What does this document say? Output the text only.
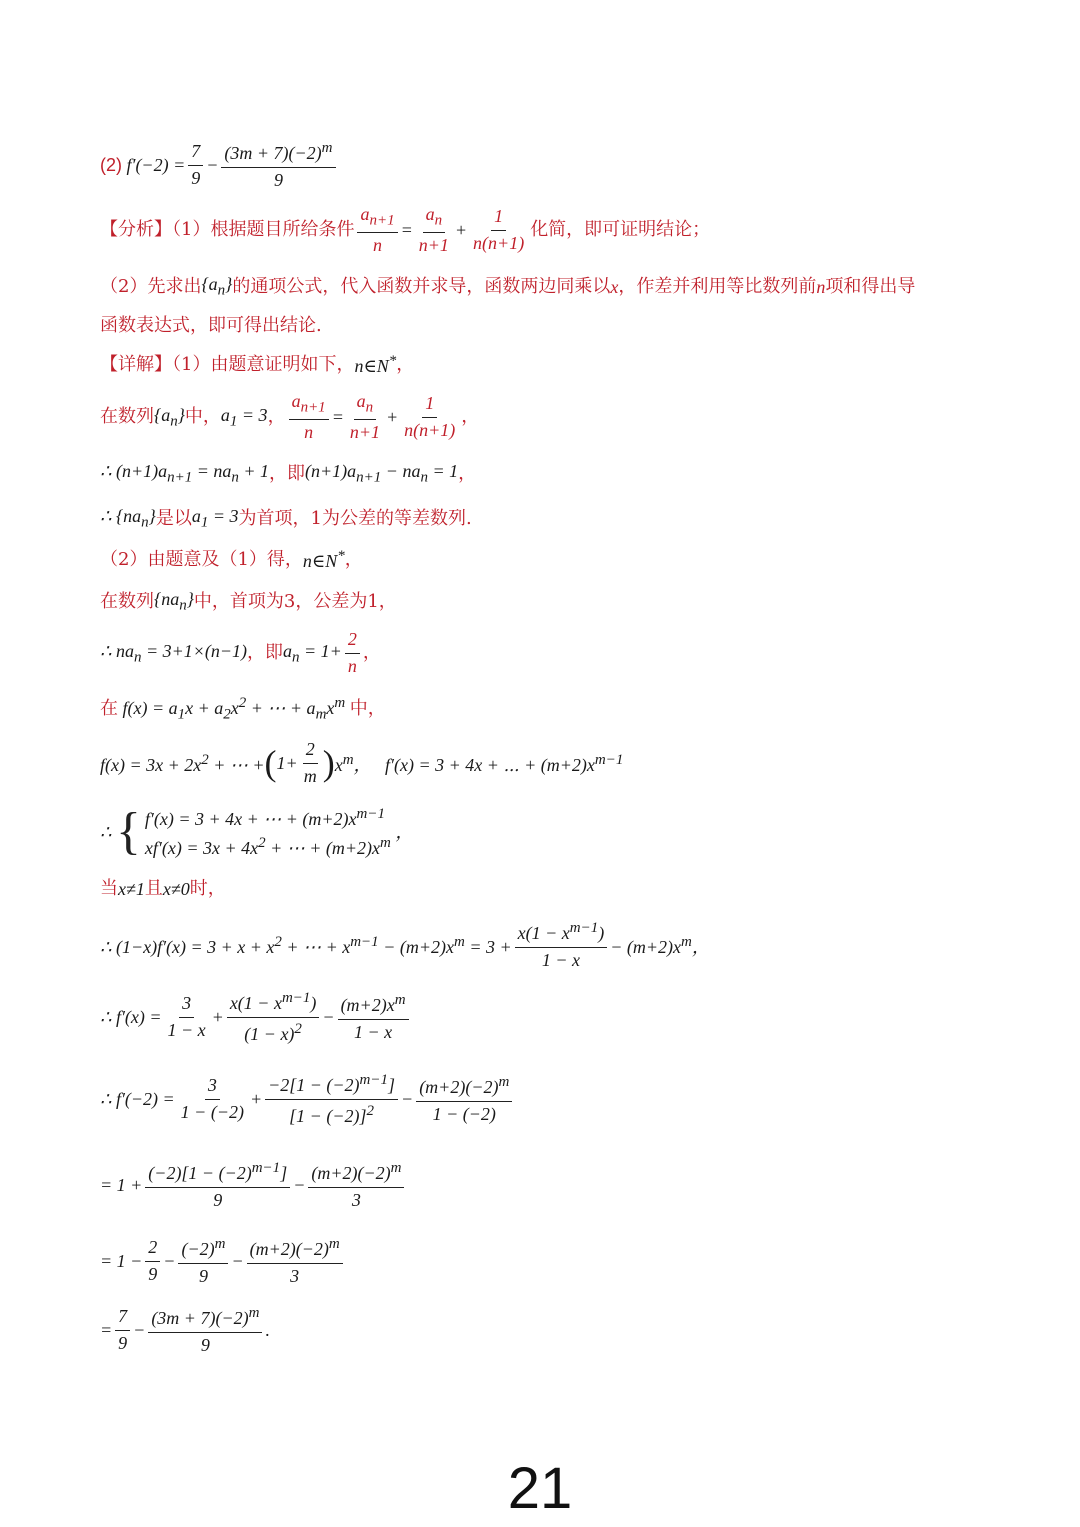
(2) $f'(-2) = \frac{7}{9} - \frac{(3m + 7)(-2)^m}{9}$
【分析】（1）根据题目所给条件 $\frac{a_{n+1}}{n} = \frac{a_n}{n+1} + \frac{1}{n(n+1)}$ 化简，即可证明结论；
（2）先求出 $\{a_n\}$ 的通项公式，代入函数并求导，函数两边同乘以 x ，作差并利用等比数列前 n 项和得出导
函数表达式，即可得出结论.
【详解】（1）由题意证明如下， n∈N* ，
在数列 $\{a_n\}$ 中， $a_1 = 3$ ， $\frac{a_{n+1}}{n} = \frac{a_n}{n+1} + \frac{1}{n(n+1)}$ ，
∴ $(n+1)a_{n+1} = na_n + 1$ ，即 $(n+1)a_{n+1} - na_n = 1$ ，
∴ $\{na_n\}$ 是以 $a_1 = 3$ 为首项，1为公差的等差数列.
（2）由题意及（1）得， n∈N* ，
在数列 $\{na_n\}$ 中，首项为3，公差为1，
∴ $na_n = 3+1\times(n-1)$ ，即 $a_n = 1+ \frac{2}{n}$ ，
在 $f(x) = a_1x + a_2x^2$ + ⋯ + $a_mx^m$ 中，
$f(x) = 3x + 2x^2$ + ⋯ + ( $1+ \frac{2}{m}$ ) $x^m$，   f′(x) = 3 + 4x + ⋯ + $(m+2)x^{m-1}$
∴ { f′(x) = 3 + 4x + ⋯ + $(m+2)x^{m-1}$
$xf'(x) = 3x + 4x^2$ + ⋯ + $(m+2)x^m$
，
当 x≠1 且 x≠0 时，
∴ $(1-x)f'(x) = 3 + x + x^2$ + ⋯ + $x^{m-1} - (m+2)x^m = 3 + \frac{x(1 - x^{m-1})}{1 - x} - (m+2)x^m$，
∴ $f'(x) = \frac{3}{1 - x} + \frac{x(1 - x^{m-1})}{(1 - x)^2} - \frac{(m+2)x^m}{1 - x}$
∴ $f'(-2) = \frac{3}{1 - (-2)} + \frac{-2[1 - (-2)^{m-1}]}{[1 - (-2)]^2} - \frac{(m+2)(-2)^m}{1 - (-2)}$
= $1 + \frac{(-2)[1 - (-2)^{m-1}]}{9} - \frac{(m+2)(-2)^m}{3}$
= $1 - \frac{2}{9} - \frac{(-2)^m}{9} - \frac{(m+2)(-2)^m}{3}$
= $\frac{7}{9} - \frac{(3m + 7)(-2)^m}{9}$ .
21
